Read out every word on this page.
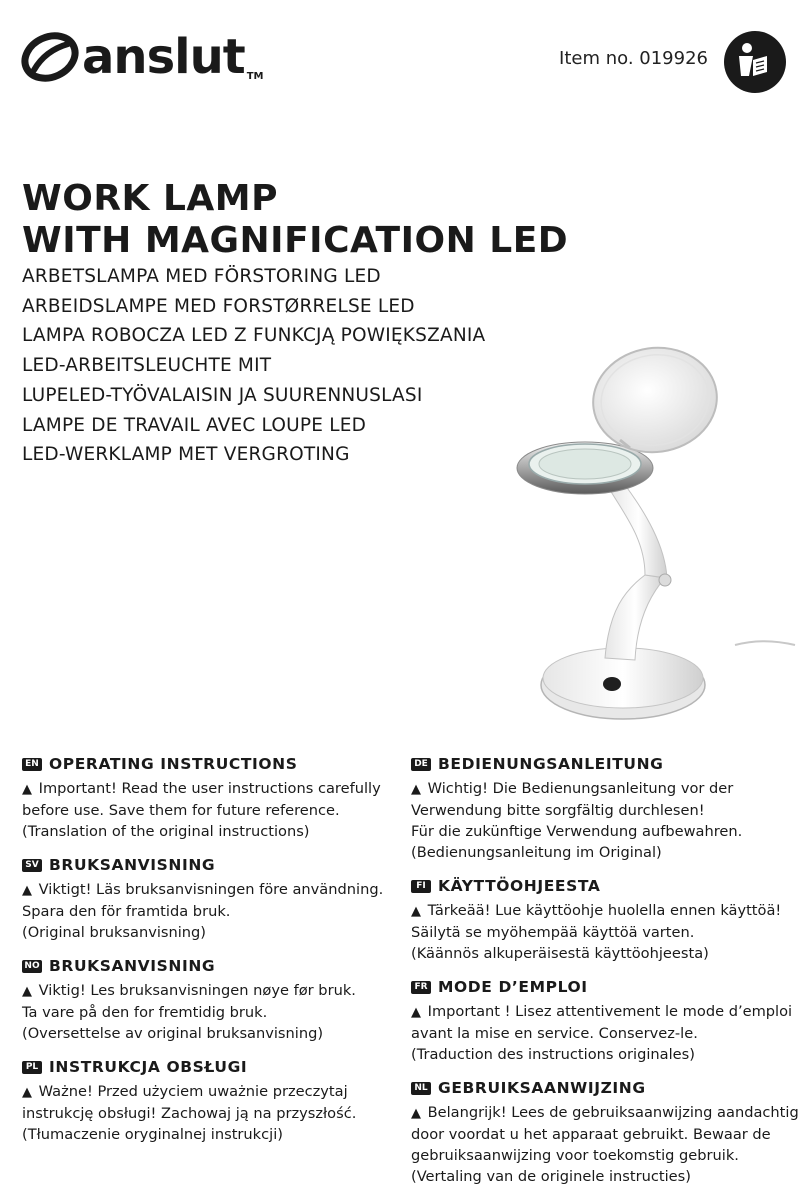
anslut TM
Item no. 019926
WORK LAMP
WITH MAGNIFICATION LED
ARBETSLAMPA MED FÖRSTORING LED
ARBEIDSLAMPE MED FORSTØRRELSE LED
LAMPA ROBOCZA LED Z FUNKCJĄ POWIĘKSZANIA
LED-ARBEITSLEUCHTE MIT
LUPELED-TYÖVALAISIN JA SUURENNUSLASI
LAMPE DE TRAVAIL AVEC LOUPE LED
LED-WERKLAMP MET VERGROTING
EN OPERATING INSTRUCTIONS
▲ Important! Read the user instructions carefully
before use. Save them for future reference.
(Translation of the original instructions)
SV BRUKSANVISNING
▲ Viktigt! Läs bruksanvisningen före användning.
Spara den för framtida bruk.
(Original bruksanvisning)
NO BRUKSANVISNING
▲ Viktig! Les bruksanvisningen nøye før bruk.
Ta vare på den for fremtidig bruk.
(Oversettelse av original bruksanvisning)
PL INSTRUKCJA OBSŁUGI
▲ Ważne! Przed użyciem uważnie przeczytaj
instrukcję obsługi! Zachowaj ją na przyszłość.
(Tłumaczenie oryginalnej instrukcji)
DE BEDIENUNGSANLEITUNG
▲ Wichtig! Die Bedienungsanleitung vor der
Verwendung bitte sorgfältig durchlesen!
Für die zukünftige Verwendung aufbewahren.
(Bedienungsanleitung im Original)
FI KÄYTTÖOHJEESTA
▲ Tärkeää! Lue käyttöohje huolella ennen käyttöä!
Säilytä se myöhempää käyttöä varten.
(Käännös alkuperäisestä käyttöohjeesta)
FR MODE D’EMPLOI
▲ Important ! Lisez attentivement le mode d’emploi
avant la mise en service. Conservez-le.
(Traduction des instructions originales)
NL GEBRUIKSAANWIJZING
▲ Belangrijk! Lees de gebruiksaanwijzing aandachtig
door voordat u het apparaat gebruikt. Bewaar de
gebruiksaanwijzing voor toekomstig gebruik.
(Vertaling van de originele instructies)
